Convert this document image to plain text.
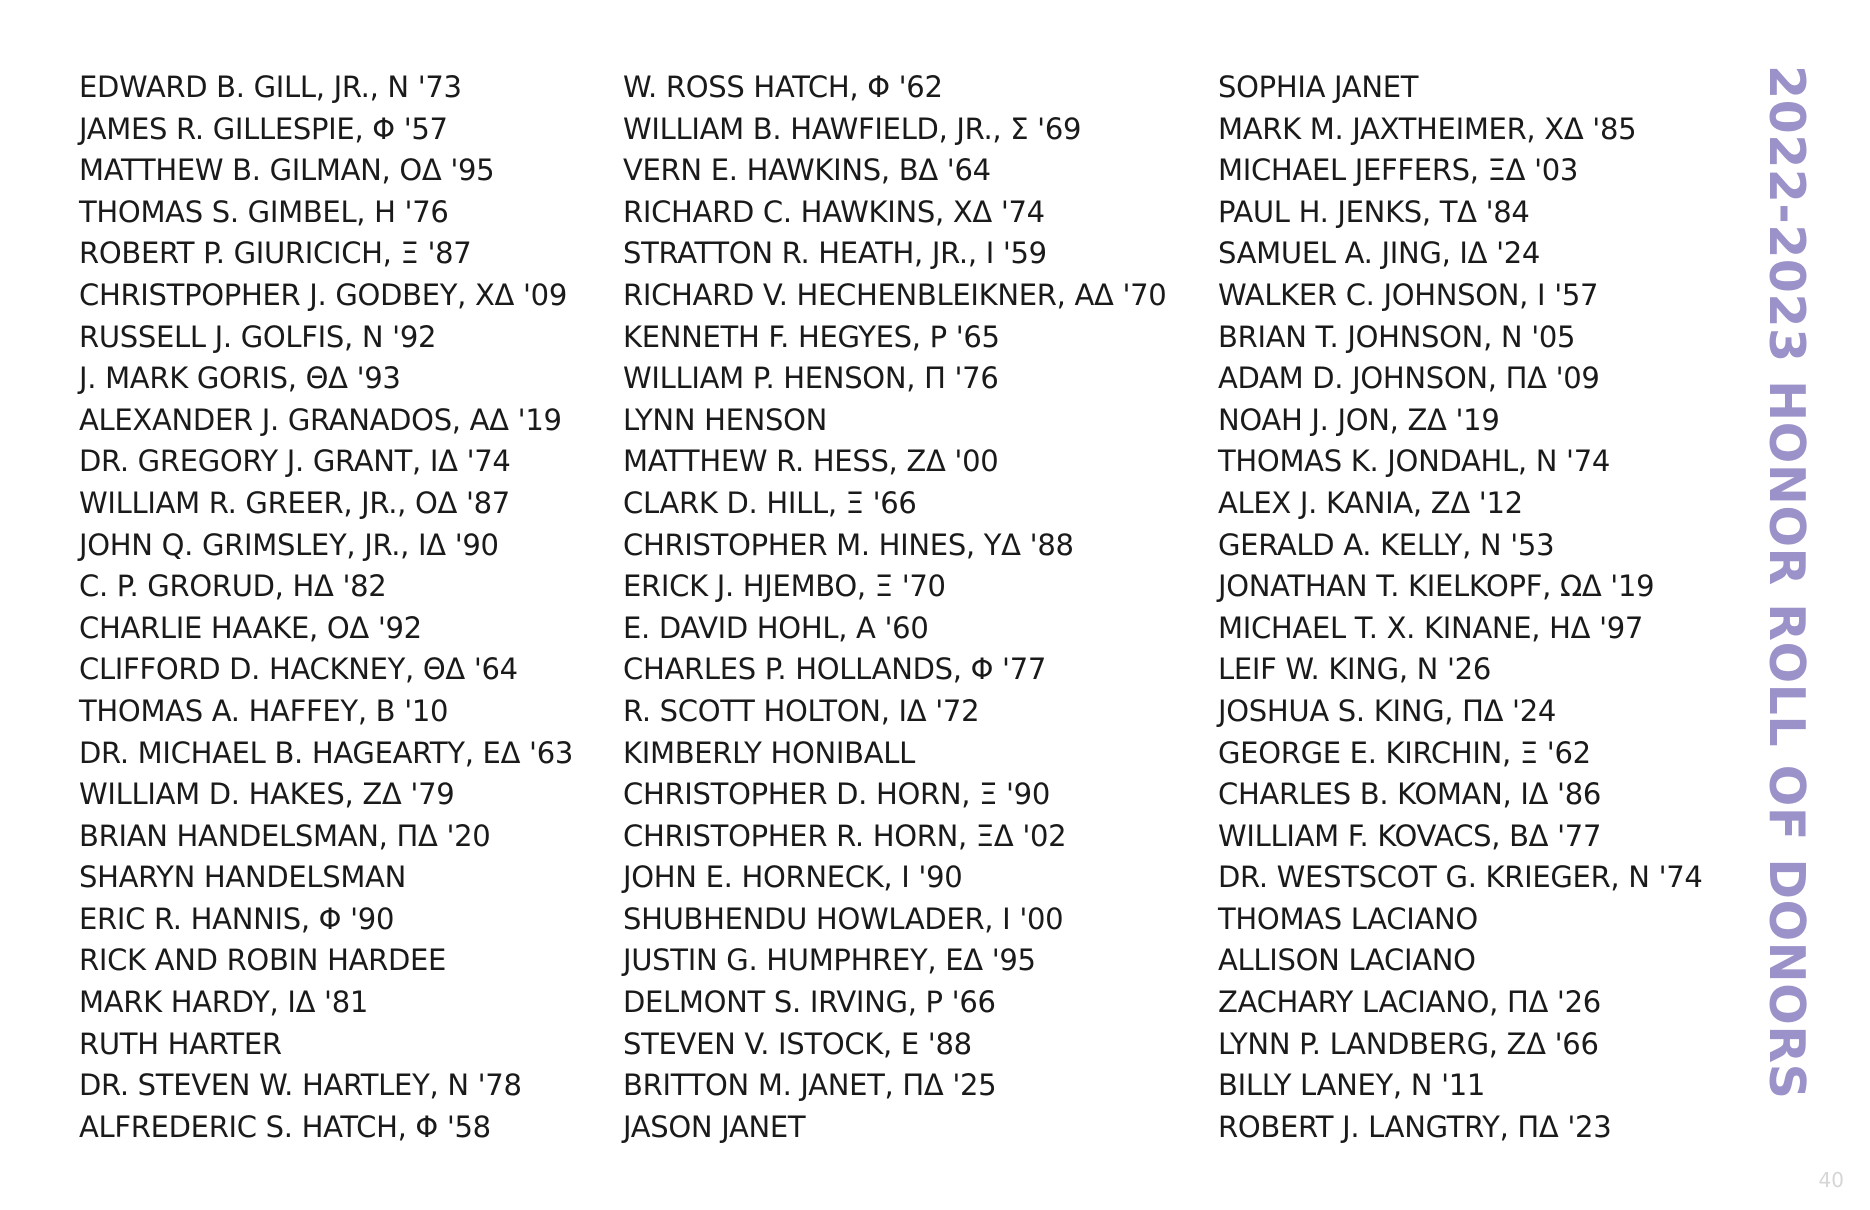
EDWARD B. GILL, JR., N '73
JAMES R. GILLESPIE, Φ '57
MATTHEW B. GILMAN, ΟΔ '95
THOMAS S. GIMBEL, Η '76
ROBERT P. GIURICICH, Ξ '87
CHRISTPOPHER J. GODBEY, ΧΔ '09
RUSSELL J. GOLFIS, N '92
J. MARK GORIS, ΘΔ '93
ALEXANDER J. GRANADOS, ΑΔ '19
DR. GREGORY J. GRANT, ΙΔ '74
WILLIAM R. GREER, JR., ΟΔ '87
JOHN Q. GRIMSLEY, JR., ΙΔ '90
C. P. GRORUD, ΗΔ '82
CHARLIE HAAKE, ΟΔ '92
CLIFFORD D. HACKNEY, ΘΔ '64
THOMAS A. HAFFEY, Β '10
DR. MICHAEL B. HAGEARTY, ΕΔ '63
WILLIAM D. HAKES, ΖΔ '79
BRIAN HANDELSMAN, ΠΔ '20
SHARYN HANDELSMAN
ERIC R. HANNIS, Φ '90
RICK AND ROBIN HARDEE
MARK HARDY, ΙΔ '81
RUTH HARTER
DR. STEVEN W. HARTLEY, N '78
ALFREDERIC S. HATCH, Φ '58
W. ROSS HATCH, Φ '62
WILLIAM B. HAWFIELD, JR., Σ '69
VERN E. HAWKINS, ΒΔ '64
RICHARD C. HAWKINS, ΧΔ '74
STRATTON R. HEATH, JR., Ι '59
RICHARD V. HECHENBLEIKNER, ΑΔ '70
KENNETH F. HEGYES, Ρ '65
WILLIAM P. HENSON, Π '76
LYNN HENSON
MATTHEW R. HESS, ΖΔ '00
CLARK D. HILL, Ξ '66
CHRISTOPHER M. HINES, ΥΔ '88
ERICK J. HJEMBO, Ξ '70
E. DAVID HOHL, Α '60
CHARLES P. HOLLANDS, Φ '77
R. SCOTT HOLTON, ΙΔ '72
KIMBERLY HONIBALL
CHRISTOPHER D. HORN, Ξ '90
CHRISTOPHER R. HORN, ΞΔ '02
JOHN E. HORNECK, Ι '90
SHUBHENDU HOWLADER, Ι '00
JUSTIN G. HUMPHREY, ΕΔ '95
DELMONT S. IRVING, Ρ '66
STEVEN V. ISTOCK, Ε '88
BRITTON M. JANET, ΠΔ '25
JASON JANET
SOPHIA JANET
MARK M. JAXTHEIMER, ΧΔ '85
MICHAEL JEFFERS, ΞΔ '03
PAUL H. JENKS, ΤΔ '84
SAMUEL A. JING, ΙΔ '24
WALKER C. JOHNSON, Ι '57
BRIAN T. JOHNSON, N '05
ADAM D. JOHNSON, ΠΔ '09
NOAH J. JON, ΖΔ '19
THOMAS K. JONDAHL, N '74
ALEX J. KANIA, ΖΔ '12
GERALD A. KELLY, N '53
JONATHAN T. KIELKOPF, ΩΔ '19
MICHAEL T. X. KINANE, ΗΔ '97
LEIF W. KING, N '26
JOSHUA S. KING, ΠΔ '24
GEORGE E. KIRCHIN, Ξ '62
CHARLES B. KOMAN, ΙΔ '86
WILLIAM F. KOVACS, ΒΔ '77
DR. WESTSCOT G. KRIEGER, N '74
THOMAS LACIANO
ALLISON LACIANO
ZACHARY LACIANO, ΠΔ '26
LYNN P. LANDBERG, ΖΔ '66
BILLY LANEY, N '11
ROBERT J. LANGTRY, ΠΔ '23
2022-2023 HONOR ROLL OF DONORS
40
